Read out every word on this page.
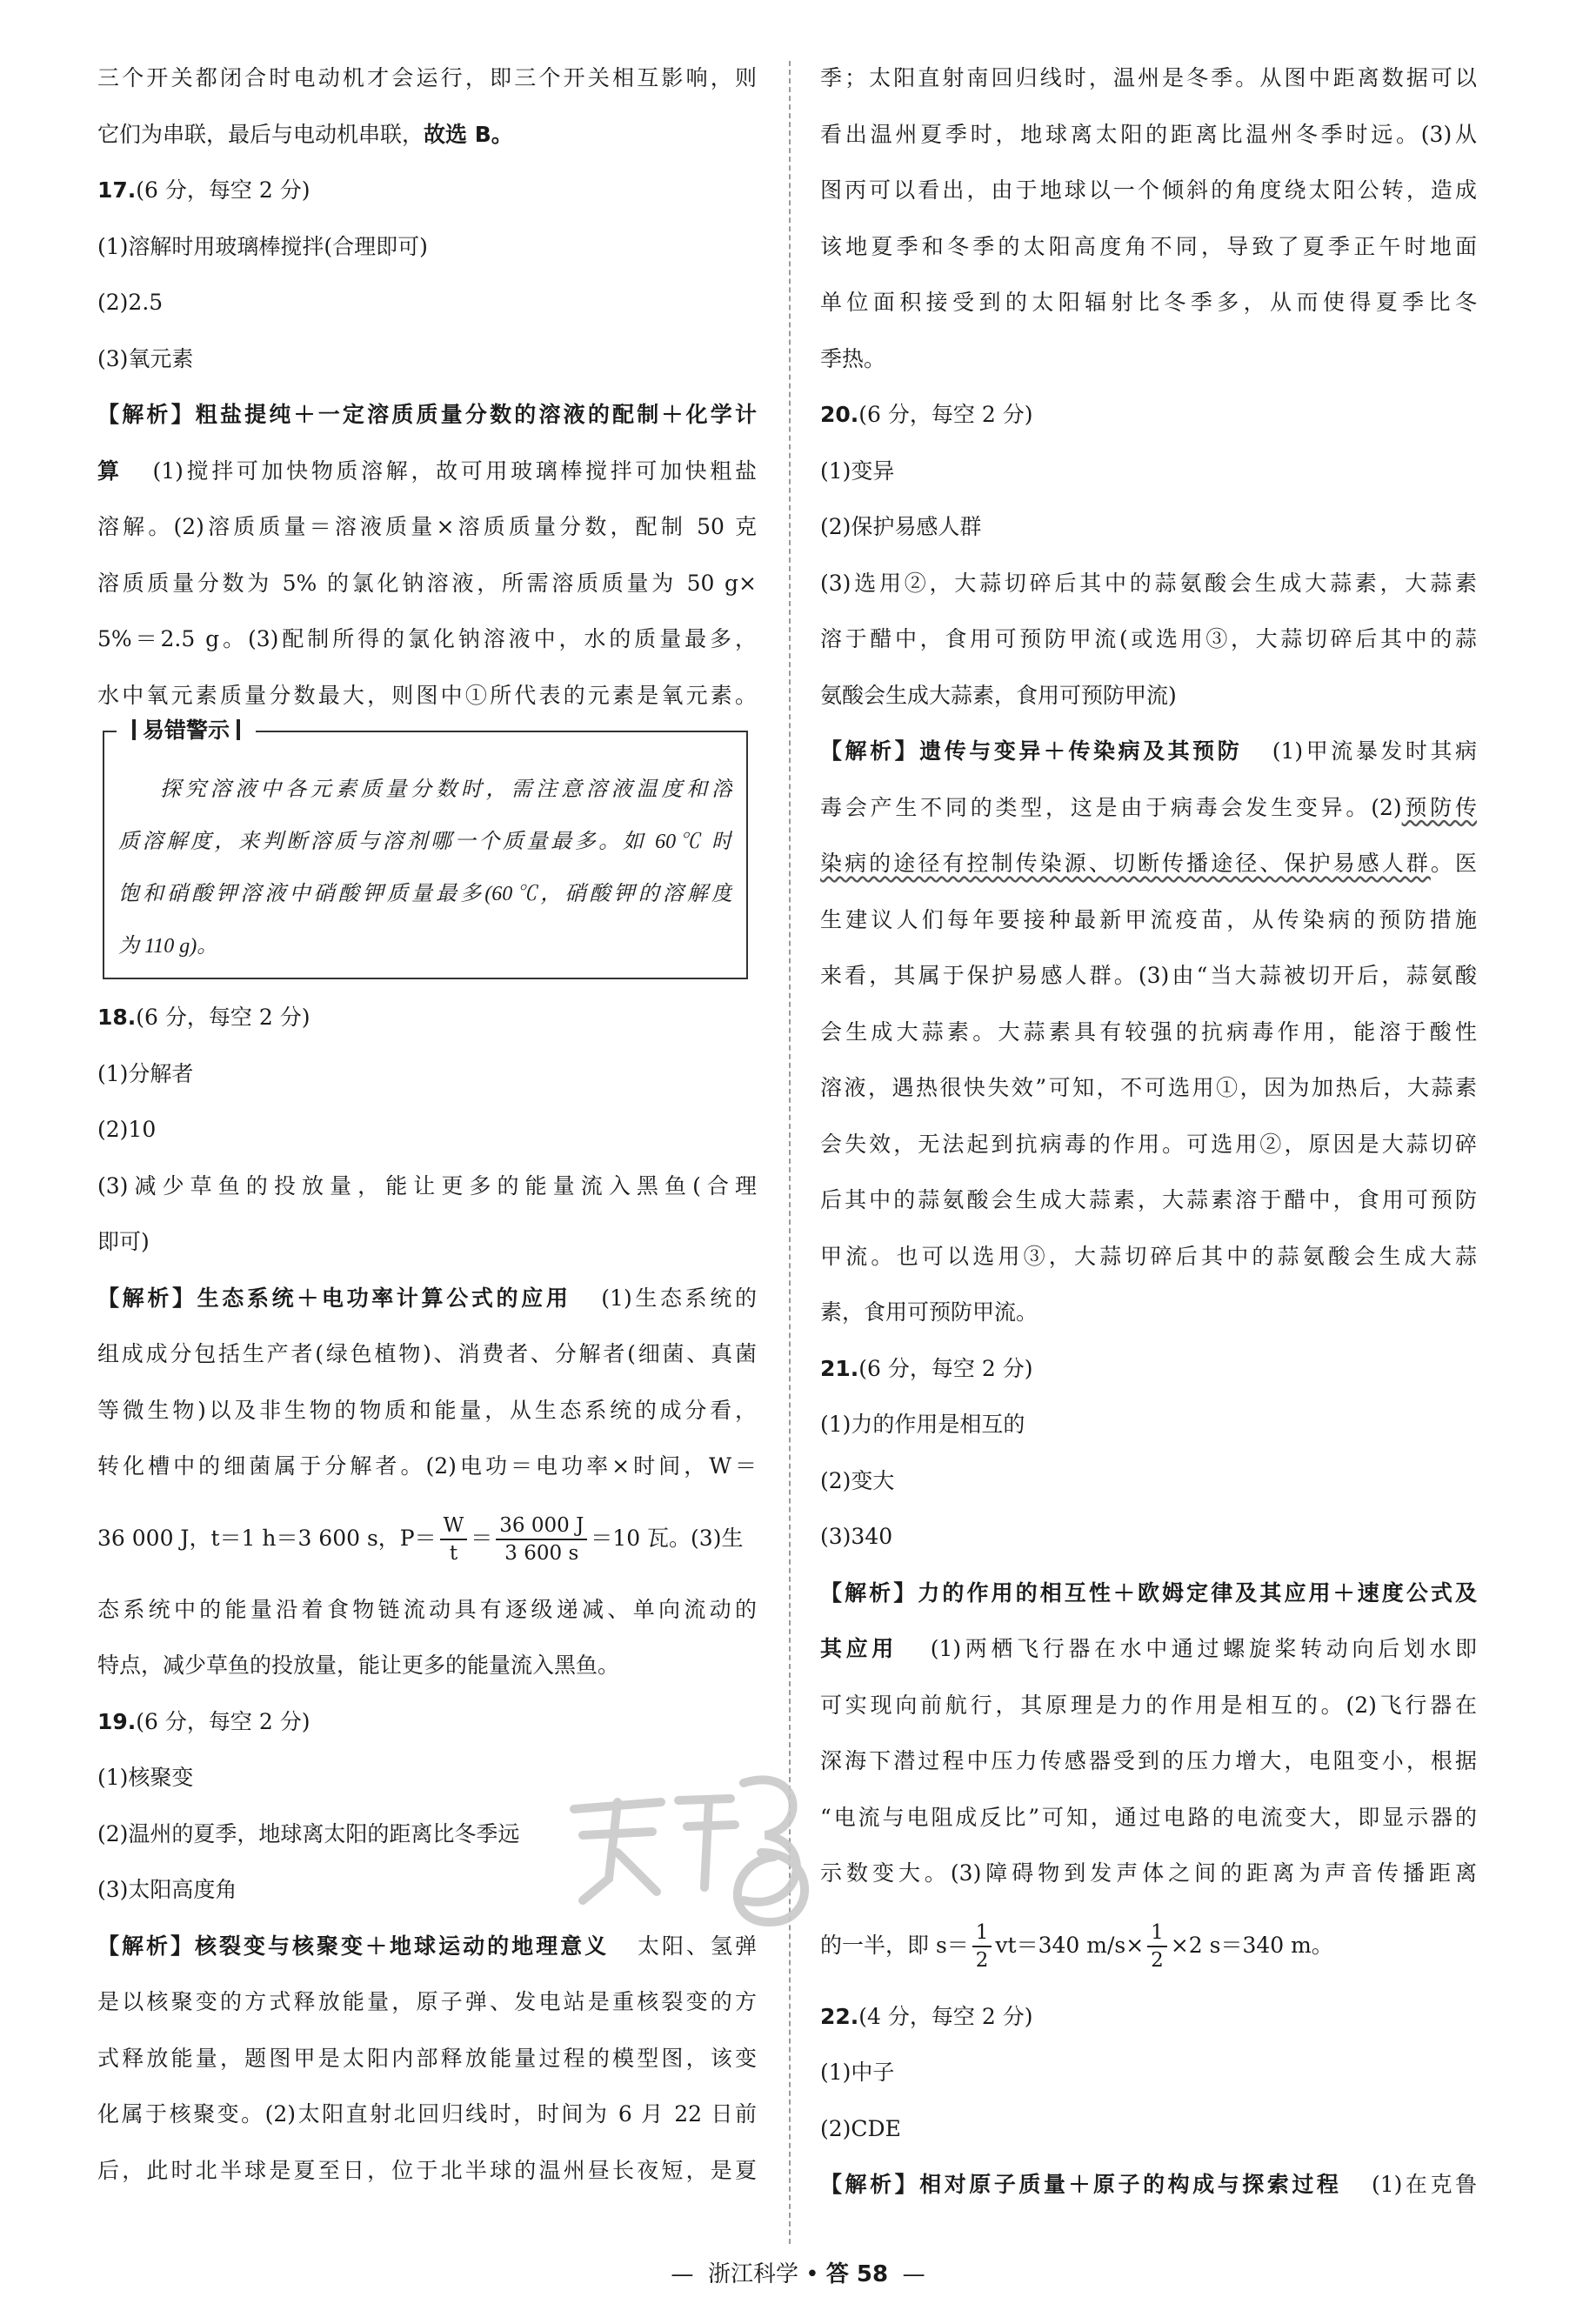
三个开关都闭合时电动机才会运行，即三个开关相互影响，则
它们为串联，最后与电动机串联，故选 B。
17.(6 分，每空 2 分)
(1)溶解时用玻璃棒搅拌(合理即可)
(2)2.5
(3)氧元素
【解析】粗盐提纯＋一定溶质质量分数的溶液的配制＋化学计
算 (1)搅拌可加快物质溶解，故可用玻璃棒搅拌可加快粗盐
溶解。(2)溶质质量＝溶液质量×溶质质量分数，配制 50 克
溶质质量分数为 5% 的氯化钠溶液，所需溶质质量为 50 g×
5%＝2.5 g。(3)配制所得的氯化钠溶液中，水的质量最多，
水中氧元素质量分数最大，则图中①所代表的元素是氧元素。
易错警示
探究溶液中各元素质量分数时，需注意溶液温度和溶
质溶解度，来判断溶质与溶剂哪一个质量最多。如 60℃ 时
饱和硝酸钾溶液中硝酸钾质量最多(60℃，硝酸钾的溶解度
为 110 g)。
18.(6 分，每空 2 分)
(1)分解者
(2)10
(3)减少草鱼的投放量，能让更多的能量流入黑鱼(合理
即可)
【解析】生态系统＋电功率计算公式的应用 (1)生态系统的
组成成分包括生产者(绿色植物)、消费者、分解者(细菌、真菌
等微生物)以及非生物的物质和能量，从生态系统的成分看，
转化槽中的细菌属于分解者。(2)电功＝电功率×时间，W＝
36 000 J，t＝1 h＝3 600 s，$P= \frac{W}{t} = \frac{36 000 J}{3 600 s} =10$ 瓦。(3)生
态系统中的能量沿着食物链流动具有逐级递减、单向流动的
特点，减少草鱼的投放量，能让更多的能量流入黑鱼。
19.(6 分，每空 2 分)
(1)核聚变
(2)温州的夏季，地球离太阳的距离比冬季远
(3)太阳高度角
【解析】核裂变与核聚变＋地球运动的地理意义 太阳、氢弹
是以核聚变的方式释放能量，原子弹、发电站是重核裂变的方
式释放能量，题图甲是太阳内部释放能量过程的模型图，该变
化属于核聚变。(2)太阳直射北回归线时，时间为 6 月 22 日前
后，此时北半球是夏至日，位于北半球的温州昼长夜短，是夏
季；太阳直射南回归线时，温州是冬季。从图中距离数据可以
看出温州夏季时，地球离太阳的距离比温州冬季时远。(3)从
图丙可以看出，由于地球以一个倾斜的角度绕太阳公转，造成
该地夏季和冬季的太阳高度角不同，导致了夏季正午时地面
单位面积接受到的太阳辐射比冬季多，从而使得夏季比冬
季热。
20.(6 分，每空 2 分)
(1)变异
(2)保护易感人群
(3)选用②，大蒜切碎后其中的蒜氨酸会生成大蒜素，大蒜素
溶于醋中，食用可预防甲流(或选用③，大蒜切碎后其中的蒜
氨酸会生成大蒜素，食用可预防甲流)
【解析】遗传与变异＋传染病及其预防 (1)甲流暴发时其病
毒会产生不同的类型，这是由于病毒会发生变异。(2)预防传
染病的途径有控制传染源、切断传播途径、保护易感人群。医
生建议人们每年要接种最新甲流疫苗，从传染病的预防措施
来看，其属于保护易感人群。(3)由“当大蒜被切开后，蒜氨酸
会生成大蒜素。大蒜素具有较强的抗病毒作用，能溶于酸性
溶液，遇热很快失效”可知，不可选用①，因为加热后，大蒜素
会失效，无法起到抗病毒的作用。可选用②，原因是大蒜切碎
后其中的蒜氨酸会生成大蒜素，大蒜素溶于醋中，食用可预防
甲流。也可以选用③，大蒜切碎后其中的蒜氨酸会生成大蒜
素，食用可预防甲流。
21.(6 分，每空 2 分)
(1)力的作用是相互的
(2)变大
(3)340
【解析】力的作用的相互性＋欧姆定律及其应用＋速度公式及
其应用 (1)两栖飞行器在水中通过螺旋桨转动向后划水即
可实现向前航行，其原理是力的作用是相互的。(2)飞行器在
深海下潜过程中压力传感器受到的压力增大，电阻变小，根据
“电流与电阻成反比”可知，通过电路的电流变大，即显示器的
示数变大。(3)障碍物到发声体之间的距离为声音传播距离
的一半，即 $s= \frac{1}{2} vt=340$ $m/s\times \frac{1}{2} \times 2$ s＝340 m。
22.(4 分，每空 2 分)
(1)中子
(2)CDE
【解析】相对原子质量＋原子的构成与探索过程 (1)在克鲁
— 浙江科学 • 答 58 —
